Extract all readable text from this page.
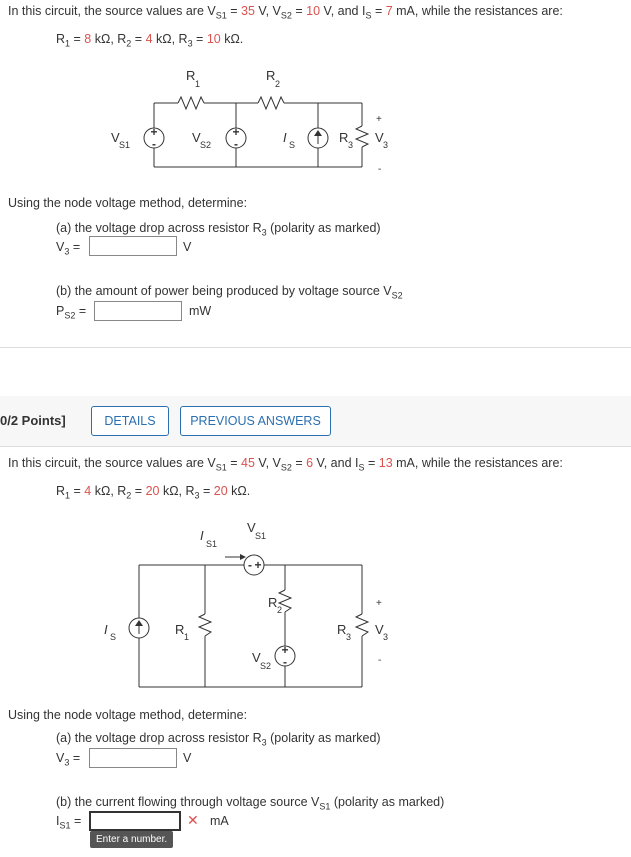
In this circuit, the source values are $V_{S1} = 35$ V, $V_{S2} = 10$ V, and $I_S = 7$ mA, while the resistances are:
$R_1 = 8$ kΩ, $R_2 = 4$ kΩ, $R_3 = 10$ kΩ.
+
-
+
-
R
1
R
2
V S1	V S2	I S	R 3 V 3
+
-
Using the node voltage method, determine:
(a) the voltage drop across resistor $R_3$ (polarity as marked)
$V_3$ =	V
(b) the amount of power being produced by voltage source $V_{S2}$
$P_{S2}$ =	mW
0/2 Points]	DETAILS	PREVIOUS ANSWERS
In this circuit, the source values are $V_{S1} = 45$ V, $V_{S2} = 6$ V, and $I_S = 13$ mA, while the resistances are:
$R_1 = 4$ kΩ, $R_2 = 20$ kΩ, $R_3 = 20$ kΩ.
- +
+
-
I
S1
V
S1
I S	R 1
R 2
V
S2
R 3 V 3
+
-
Using the node voltage method, determine:
(a) the voltage drop across resistor $R_3$ (polarity as marked)
$V_3$ =	V
(b) the current flowing through voltage source $V_{S1}$ (polarity as marked)
$I_{S1}$ =	✕ mA
Enter a number.
